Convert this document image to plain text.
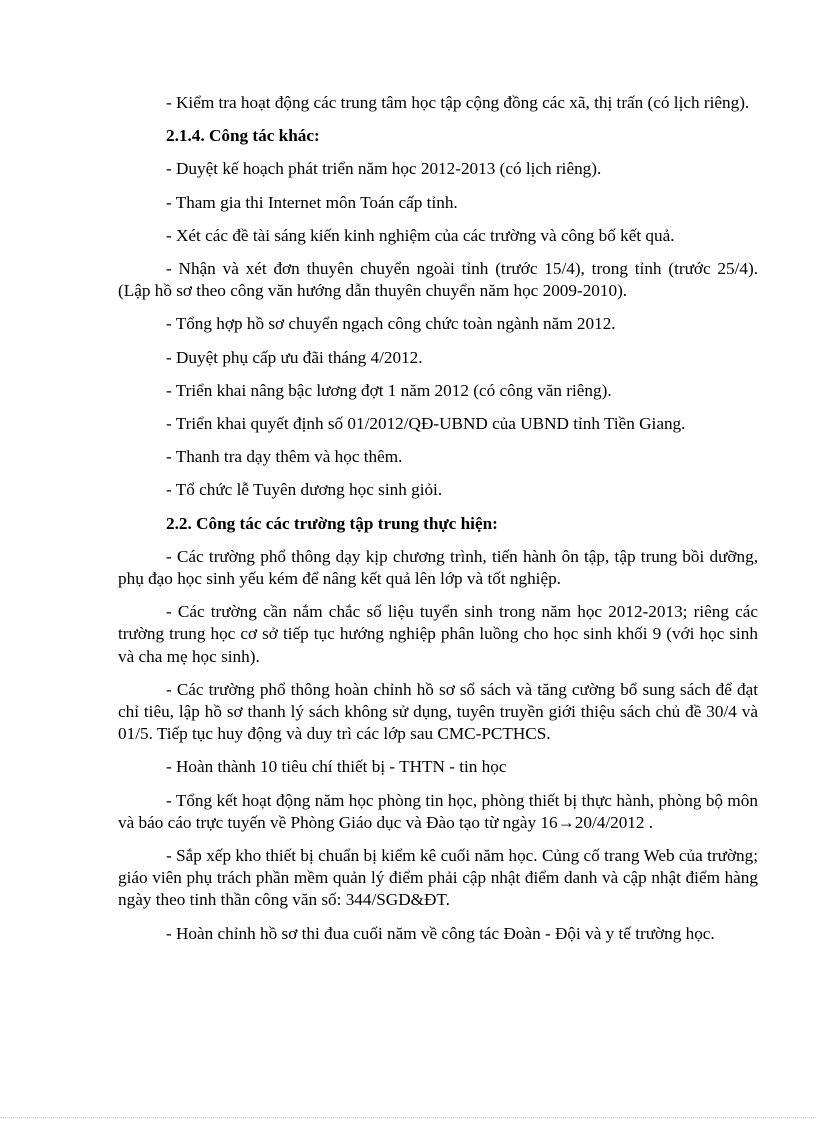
- Kiểm tra hoạt động các trung tâm học tập cộng đồng các xã, thị trấn (có lịch riêng).

2.1.4. Công tác khác:

- Duyệt kế hoạch phát triển năm học 2012-2013 (có lịch riêng).

- Tham gia thi Internet môn Toán cấp tỉnh.

- Xét các đề tài sáng kiến kinh nghiệm của các trường và công bố kết quả.

- Nhận và xét đơn thuyên chuyển ngoài tỉnh (trước 15/4), trong tỉnh (trước 25/4). (Lập hồ sơ theo công văn hướng dẫn thuyên chuyển năm học 2009-2010).

- Tổng hợp hồ sơ chuyển ngạch công chức toàn ngành năm 2012.

- Duyệt phụ cấp ưu đãi tháng 4/2012.

- Triển khai nâng bậc lương đợt 1 năm 2012 (có công văn riêng).

- Triển khai quyết định số 01/2012/QĐ-UBND của UBND tỉnh Tiền Giang.

- Thanh tra dạy thêm và học thêm.

- Tổ chức lễ Tuyên dương học sinh giỏi.

2.2. Công tác các trường tập trung thực hiện:

- Các trường phổ thông dạy kịp chương trình, tiến hành ôn tập, tập trung bồi dưỡng, phụ đạo học sinh yếu kém để nâng kết quả lên lớp và tốt nghiệp.

- Các trường cần nắm chắc số liệu tuyển sinh trong năm học 2012-2013; riêng các trường trung học cơ sở tiếp tục hướng nghiệp phân luồng cho học sinh khối 9 (với học sinh và cha mẹ học sinh).

- Các trường phổ thông hoàn chỉnh hồ sơ sổ sách và tăng cường bổ sung sách để đạt chỉ tiêu, lập hồ sơ thanh lý sách không sử dụng, tuyên truyền giới thiệu sách chủ đề 30/4 và 01/5. Tiếp tục huy động và duy trì các lớp sau CMC-PCTHCS.

- Hoàn thành 10 tiêu chí thiết bị - THTN - tin học

- Tổng kết hoạt động năm học phòng tin học, phòng thiết bị thực hành, phòng bộ môn và báo cáo trực tuyến về Phòng Giáo dục và Đào tạo từ ngày 16→20/4/2012 .

- Sắp xếp kho thiết bị chuẩn bị kiểm kê cuối năm học. Củng cố trang Web của trường; giáo viên phụ trách phần mềm quản lý điểm phải cập nhật điểm danh và cập nhật điểm hàng ngày theo tinh thần công văn số: 344/SGD&ĐT.

- Hoàn chỉnh hồ sơ thi đua cuối năm về công tác Đoàn - Đội và y tế trường học.
